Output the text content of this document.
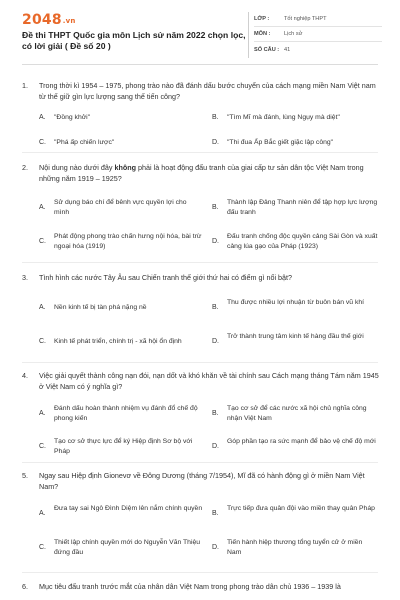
2048.vn
Đề thi THPT Quốc gia môn Lịch sử năm 2022 chọn lọc, có lời giải ( Đề số 20 )
LỚP :	Tốt nghiệp THPT
MÔN :	Lịch sử
SỐ CÂU : 41
1.	Trong thời kì 1954 – 1975, phong trào nào đã đánh dấu bước chuyển của cách mạng miền Nam Việt nam từ thế giữ gìn lực lượng sang thế tiến công?
A. "Đồng khởi"	B. "Tìm Mĩ mà đánh, lùng Ngụy mà diệt"
C. "Phá ấp chiến lược"	D. "Thi đua Ấp Bắc giết giặc lập công"
2.	Nội dung nào dưới đây không phải là hoạt động đấu tranh của giai cấp tư sản dân tộc Việt Nam trong những năm 1919 – 1925?
A.
Sử dụng báo chí để bênh vực quyền lợi cho mình
B.
Thành lập Đảng Thanh niên để tập hợp lực lượng đấu tranh
C.
Phát động phong trào chấn hưng nội hóa, bài trừ ngoại hóa (1919)
D.
Đấu tranh chống độc quyền cảng Sài Gòn và xuất cảng lúa gạo của Pháp (1923)
3.	Tình hình các nước Tây Âu sau Chiến tranh thế giới thứ hai có điểm gì nổi bật?
A. Nền kinh tế bị tàn phá nặng nề	B.
Thu được nhiều lợi nhuận từ buôn bán vũ khí
C. Kinh tế phát triển, chính trị - xã hội ổn định	D.
Trở thành trung tâm kinh tế hàng đầu thế giới
4.	Việc giải quyết thành công nạn đói, nạn dốt và khó khăn về tài chính sau Cách mạng tháng Tám năm 1945 ở Việt Nam có ý nghĩa gì?
A.
Đánh dấu hoàn thành nhiệm vụ đánh đổ chế độ phong kiến
B.
Tạo cơ sở để các nước xã hội chủ nghĩa công nhận Việt Nam
C.
Tạo cơ sở thực lực để ký Hiệp định Sơ bộ với Pháp
D.
Góp phần tạo ra sức mạnh để bảo vệ chế độ mới
5.	Ngay sau Hiệp định Gionevơ về Đông Dương (tháng 7/1954), Mĩ đã có hành động gì ở miền Nam Việt Nam?
A.
Đưa tay sai Ngô Đình Diệm lên nắm chính quyền
B.
Trực tiếp đưa quân đội vào miền thay quân Pháp
C.
Thiết lập chính quyền mới do Nguyễn Văn Thiệu đứng đầu
D.
Tiến hành hiệp thương tổng tuyển cử ở miền Nam
6.	Mục tiêu đấu tranh trước mắt của nhân dân Việt Nam trong phong trào dân chủ 1936 – 1939 là
